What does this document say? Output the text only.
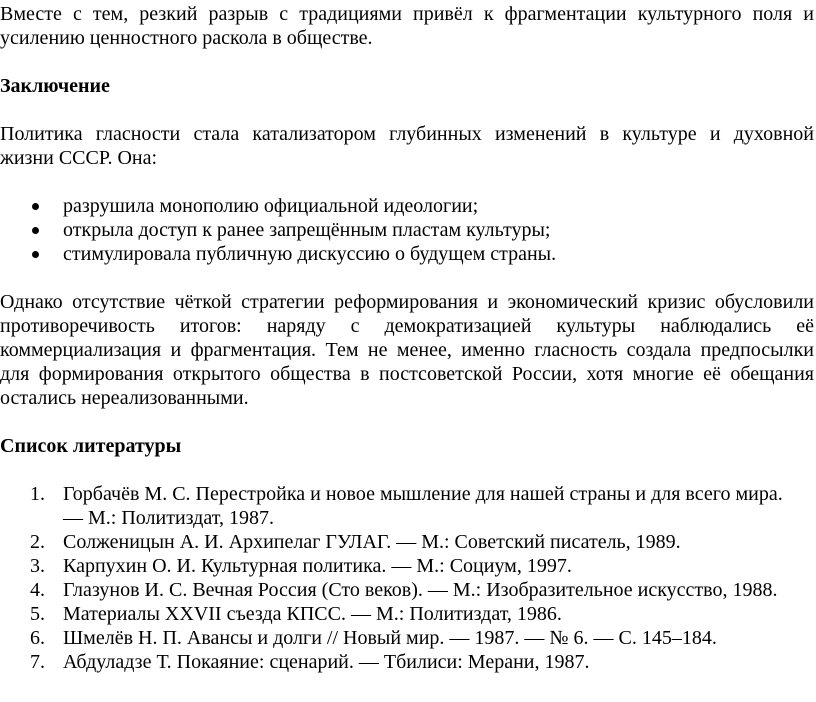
Вместе с тем, резкий разрыв с традициями привёл к фрагментации культурного поля и

усилению ценностного раскола в обществе.

Заключение

Политика гласности стала катализатором глубинных изменений в культуре и духовной

жизни СССР. Она:

разрушила монополию официальной идеологии;
открыла доступ к ранее запрещённым пластам культуры;
стимулировала публичную дискуссию о будущем страны.

Однако отсутствие чёткой стратегии реформирования и экономический кризис обусловили

противоречивость итогов: наряду с демократизацией культуры наблюдались её

коммерциализация и фрагментация. Тем не менее, именно гласность создала предпосылки

для формирования открытого общества в постсоветской России, хотя многие её обещания

остались нереализованными.

Список литературы

1. Горбачёв М. С. Перестройка и новое мышление для нашей страны и для всего мира.

— М.: Политиздат, 1987.

2. Солженицын А. И. Архипелаг ГУЛАГ. — М.: Советский писатель, 1989.
3. Карпухин О. И. Культурная политика. — М.: Социум, 1997.
4. Глазунов И. С. Вечная Россия (Сто веков). — М.: Изобразительное искусство, 1988.
5. Материалы XXVII съезда КПСС. — М.: Политиздат, 1986.
6. Шмелёв Н. П. Авансы и долги // Новый мир. — 1987. — № 6. — С. 145–184.
7. Абдуладзе Т. Покаяние: сценарий. — Тбилиси: Мерани, 1987.
